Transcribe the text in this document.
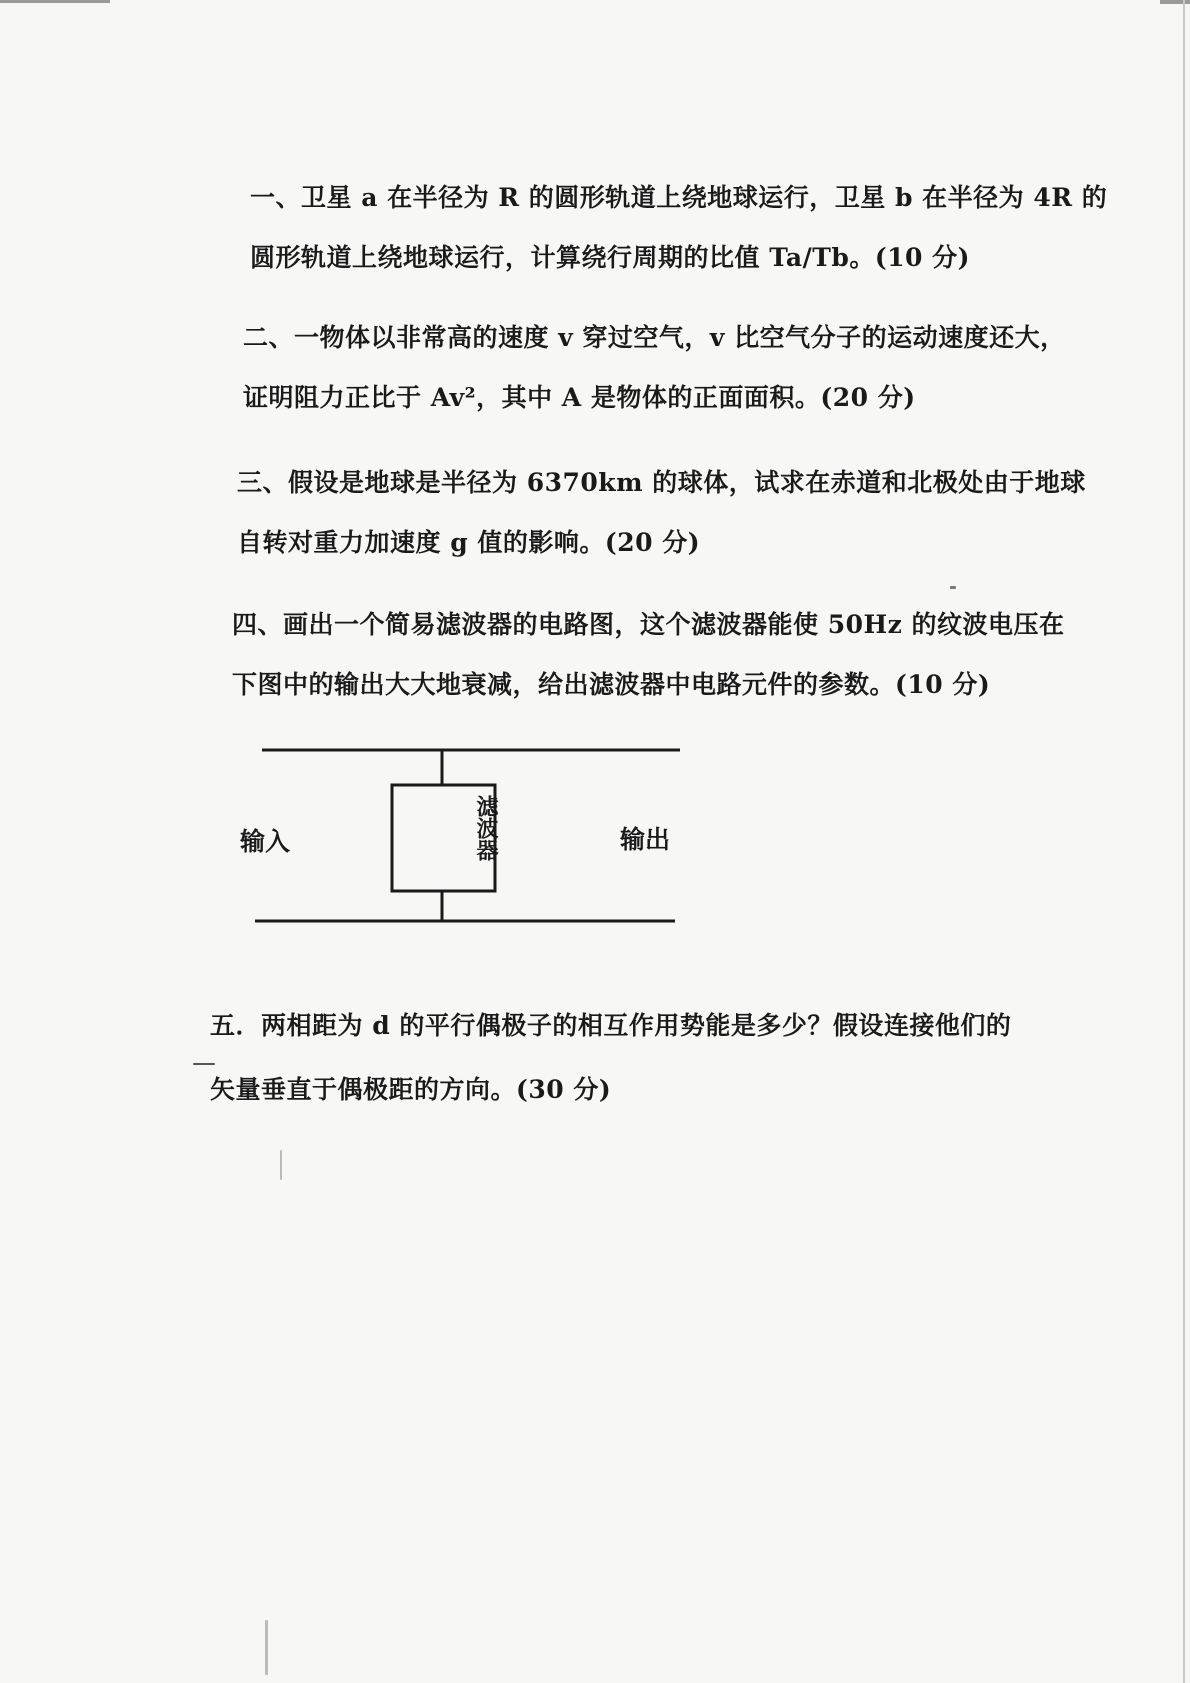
一、卫星 a 在半径为 R 的圆形轨道上绕地球运行，卫星 b 在半径为 4R 的
圆形轨道上绕地球运行，计算绕行周期的比值 Ta/Tb。(10 分)
二、一物体以非常高的速度 v 穿过空气，v 比空气分子的运动速度还大，
证明阻力正比于 Av²，其中 A 是物体的正面面积。(20 分)
三、假设是地球是半径为 6370km 的球体，试求在赤道和北极处由于地球
自转对重力加速度 g 值的影响。(20 分)
四、画出一个简易滤波器的电路图，这个滤波器能使 50Hz 的纹波电压在
下图中的输出大大地衰减，给出滤波器中电路元件的参数。(10 分)
滤波器
输入	输出
五．两相距为 d 的平行偶极子的相互作用势能是多少？假设连接他们的
矢量垂直于偶极距的方向。(30 分)
